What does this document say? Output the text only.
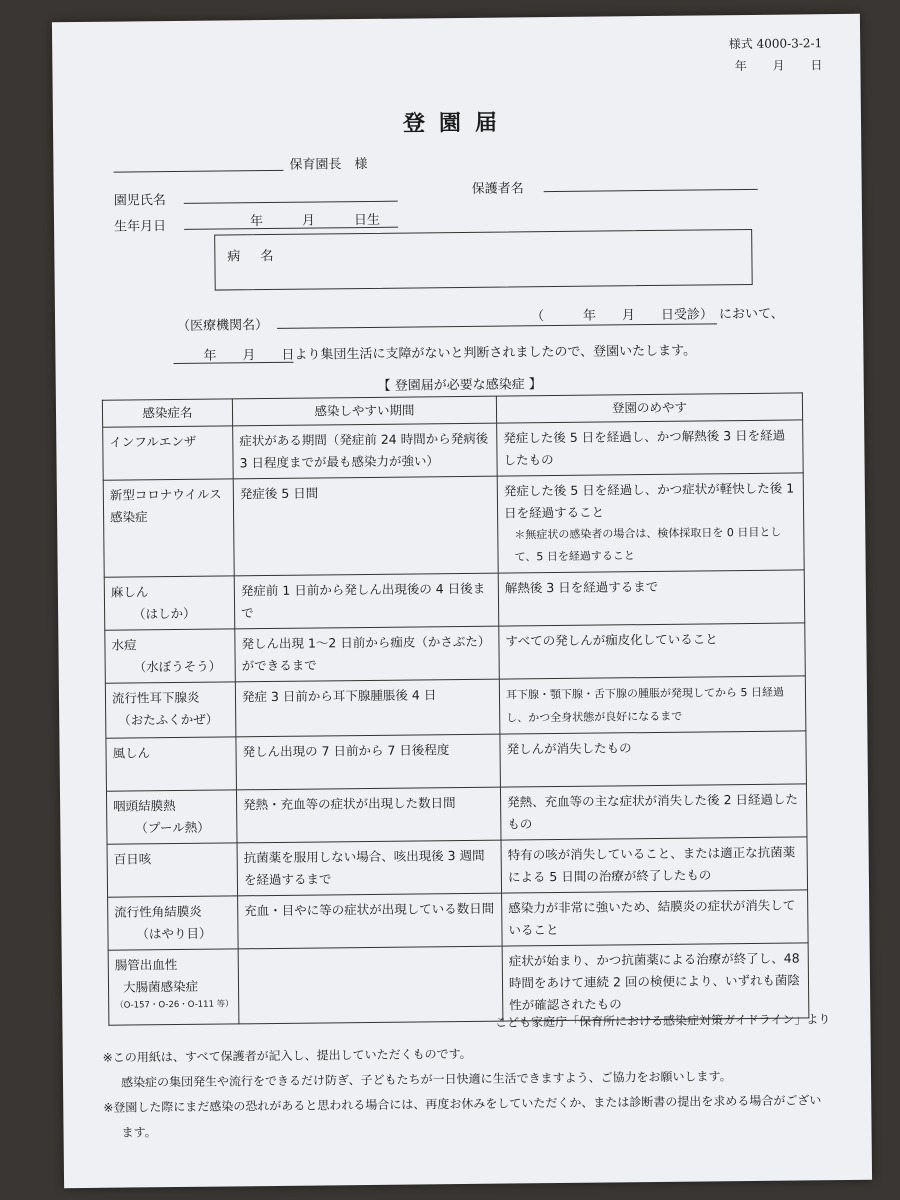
様式 4000-3-2-1
年 月 日
登園届
保育園長　様
園児氏名
保護者名
生年月日	年　　　月　　　日生
病 名
（医療機関名）
（　　　年　　月　　日受診） において、
年　　月　　日より集団生活に支障がないと判断されましたので、登園いたします。
【 登園届が必要な感染症 】
感染症名	感染しやすい期間	登園のめやす
インフルエンザ	症状がある期間（発症前 24 時間から発病後 3 日程度までが最も感染力が強い）	発症した後 5 日を経過し、かつ解熱後 3 日を経過したもの
新型コロナウイルス感染症	発症後 5 日間	発症した後 5 日を経過し、かつ症状が軽快した後 1 日を経過すること
＊無症状の感染者の場合は、検体採取日を 0 日目として、5 日を経過すること

麻しん
（はしか）	発症前 1 日前から発しん出現後の 4 日後まで	解熱後 3 日を経過するまで
水痘
（水ぼうそう）	発しん出現 1～2 日前から痂皮（かさぶた）ができるまで	すべての発しんが痂皮化していること
流行性耳下腺炎
（おたふくかぜ）	発症 3 日前から耳下腺腫脹後 4 日	耳下腺・顎下腺・舌下腺の腫脹が発現してから 5 日経過し、かつ全身状態が良好になるまで
風しん	発しん出現の 7 日前から 7 日後程度	発しんが消失したもの
咽頭結膜熱
（プール熱）	発熱・充血等の症状が出現した数日間	発熱、充血等の主な症状が消失した後 2 日経過したもの
百日咳	抗菌薬を服用しない場合、咳出現後 3 週間を経過するまで	特有の咳が消失していること、または適正な抗菌薬による 5 日間の治療が終了したもの
流行性角結膜炎
（はやり目）	充血・目やに等の症状が出現している数日間	感染力が非常に強いため、結膜炎の症状が消失していること
腸管出血性
大腸菌感染症
（O-157・O-26・O-111 等）		症状が始まり、かつ抗菌薬による治療が終了し、48 時間をあけて連続 2 回の検便により、いずれも菌陰性が確認されたもの
こども家庭庁「保育所における感染症対策ガイドライン」より

※この用紙は、すべて保護者が記入し、提出していただくものです。

感染症の集団発生や流行をできるだけ防ぎ、子どもたちが一日快適に生活できますよう、ご協力をお願いします。

※登園した際にまだ感染の恐れがあると思われる場合には、再度お休みをしていただくか、または診断書の提出を求める場合がございます。
